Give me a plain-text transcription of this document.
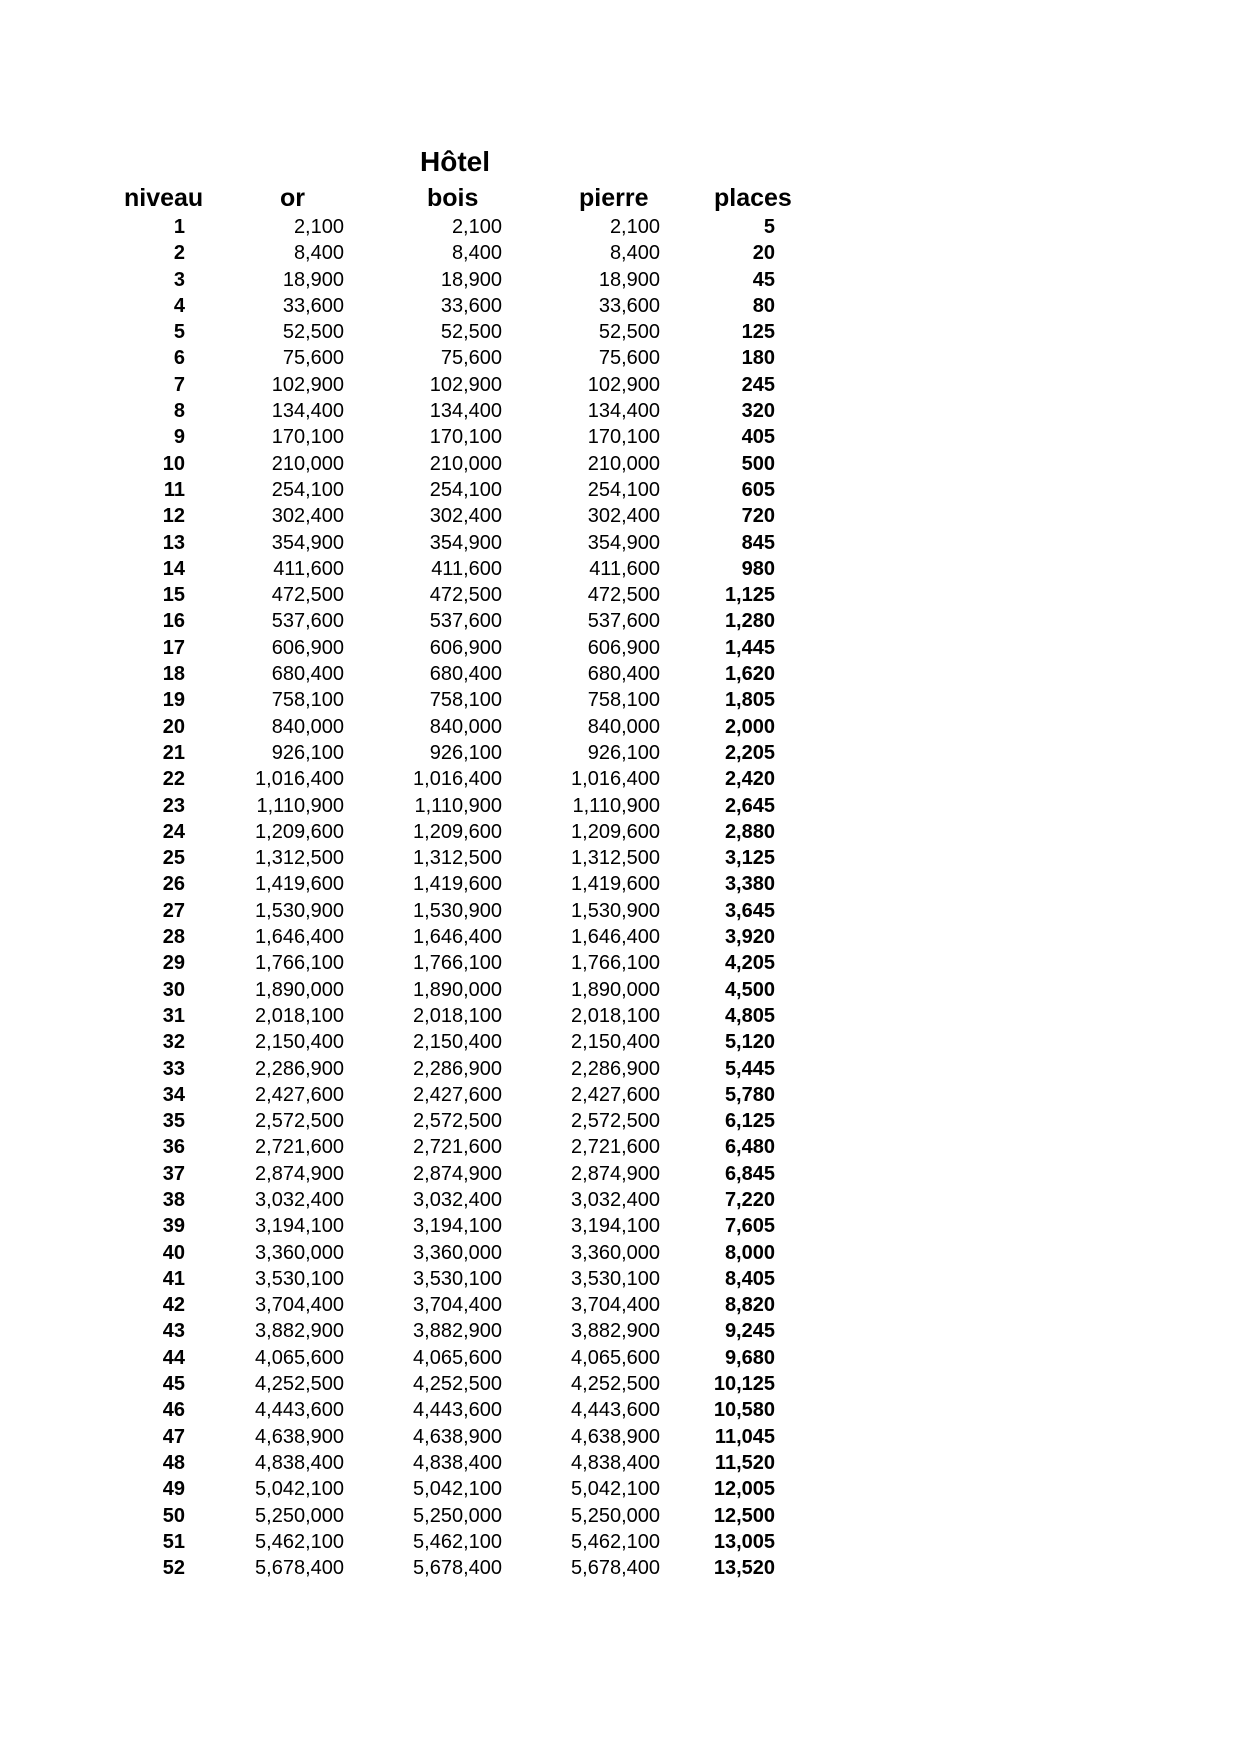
Hôtel
niveau	or	bois	pierre	places
1	2,100	2,100	2,100	5
2	8,400	8,400	8,400	20
3	18,900	18,900	18,900	45
4	33,600	33,600	33,600	80
5	52,500	52,500	52,500	125
6	75,600	75,600	75,600	180
7	102,900	102,900	102,900	245
8	134,400	134,400	134,400	320
9	170,100	170,100	170,100	405
10	210,000	210,000	210,000	500
11	254,100	254,100	254,100	605
12	302,400	302,400	302,400	720
13	354,900	354,900	354,900	845
14	411,600	411,600	411,600	980
15	472,500	472,500	472,500	1,125
16	537,600	537,600	537,600	1,280
17	606,900	606,900	606,900	1,445
18	680,400	680,400	680,400	1,620
19	758,100	758,100	758,100	1,805
20	840,000	840,000	840,000	2,000
21	926,100	926,100	926,100	2,205
22	1,016,400	1,016,400	1,016,400	2,420
23	1,110,900	1,110,900	1,110,900	2,645
24	1,209,600	1,209,600	1,209,600	2,880
25	1,312,500	1,312,500	1,312,500	3,125
26	1,419,600	1,419,600	1,419,600	3,380
27	1,530,900	1,530,900	1,530,900	3,645
28	1,646,400	1,646,400	1,646,400	3,920
29	1,766,100	1,766,100	1,766,100	4,205
30	1,890,000	1,890,000	1,890,000	4,500
31	2,018,100	2,018,100	2,018,100	4,805
32	2,150,400	2,150,400	2,150,400	5,120
33	2,286,900	2,286,900	2,286,900	5,445
34	2,427,600	2,427,600	2,427,600	5,780
35	2,572,500	2,572,500	2,572,500	6,125
36	2,721,600	2,721,600	2,721,600	6,480
37	2,874,900	2,874,900	2,874,900	6,845
38	3,032,400	3,032,400	3,032,400	7,220
39	3,194,100	3,194,100	3,194,100	7,605
40	3,360,000	3,360,000	3,360,000	8,000
41	3,530,100	3,530,100	3,530,100	8,405
42	3,704,400	3,704,400	3,704,400	8,820
43	3,882,900	3,882,900	3,882,900	9,245
44	4,065,600	4,065,600	4,065,600	9,680
45	4,252,500	4,252,500	4,252,500	10,125
46	4,443,600	4,443,600	4,443,600	10,580
47	4,638,900	4,638,900	4,638,900	11,045
48	4,838,400	4,838,400	4,838,400	11,520
49	5,042,100	5,042,100	5,042,100	12,005
50	5,250,000	5,250,000	5,250,000	12,500
51	5,462,100	5,462,100	5,462,100	13,005
52	5,678,400	5,678,400	5,678,400	13,520
